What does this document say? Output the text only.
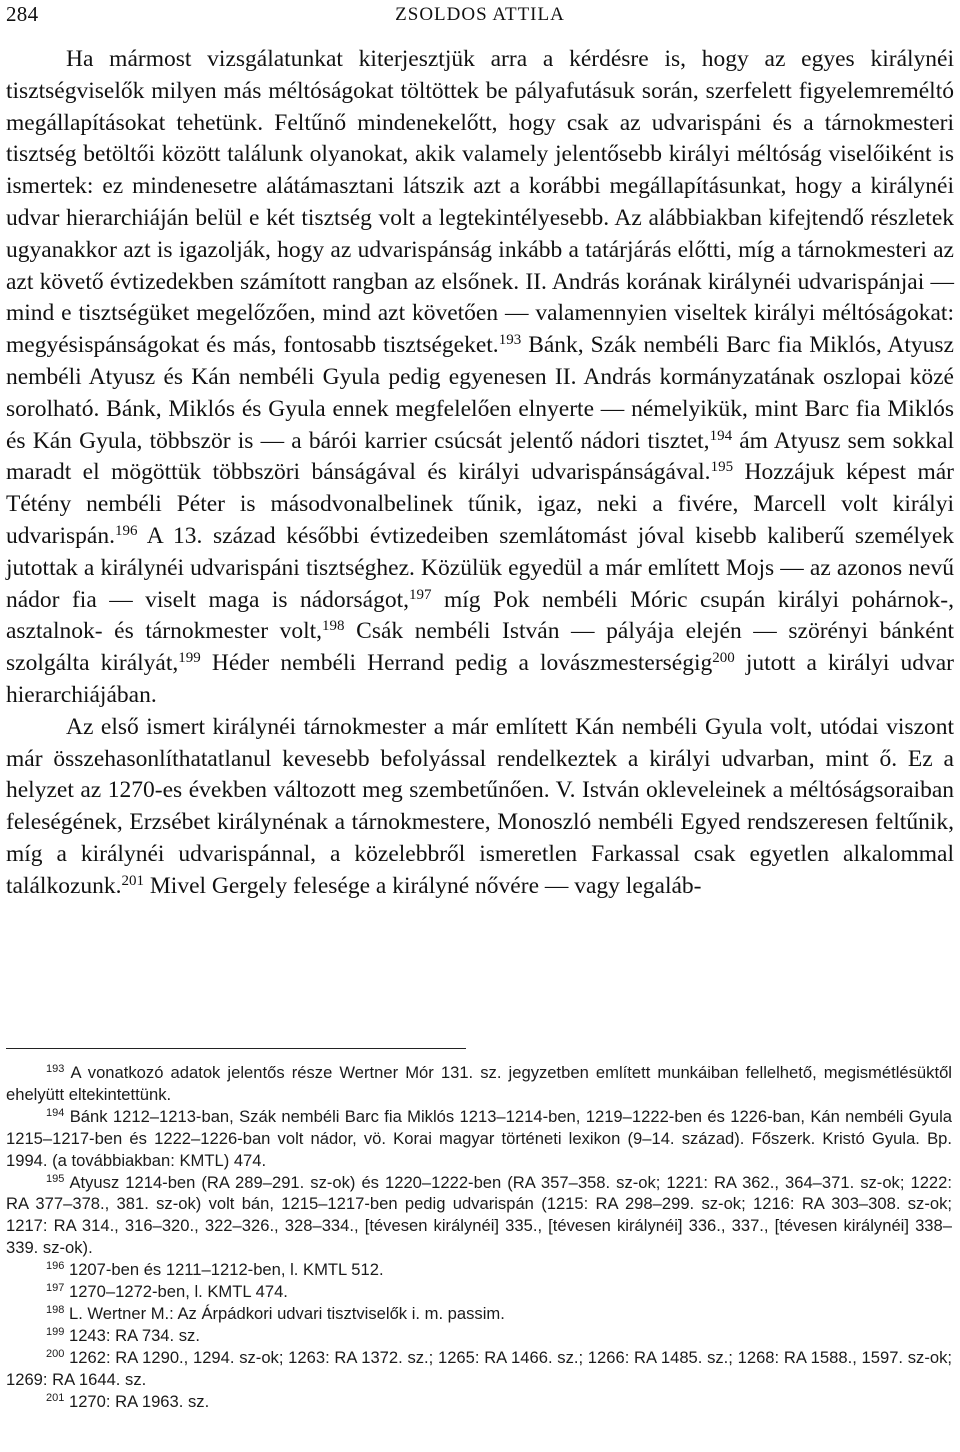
284	ZSOLDOS ATTILA

Ha mármost vizsgálatunkat kiterjesztjük arra a kérdésre is, hogy az egyes királynéi tisztségviselők milyen más méltóságokat töltöttek be pályafutásuk során, szerfelett figyelemreméltó megállapításokat tehetünk. Feltűnő mindenekelőtt, hogy csak az udvarispáni és a tárnokmesteri tisztség betöltői között találunk olyanokat, akik valamely jelentősebb királyi méltóság viselőiként is ismertek: ez mindenesetre alátámasztani látszik azt a korábbi megállapításunkat, hogy a királynéi udvar hierarchiáján belül e két tisztség volt a legtekintélyesebb. Az alábbiakban kifejtendő részletek ugyanakkor azt is igazolják, hogy az udvarispánság inkább a tatárjárás előtti, míg a tárnokmesteri az azt követő évtizedekben számított rangban az elsőnek. II. András korának királynéi udvarispánjai — mind e tisztségüket megelőzően, mind azt követően — valamennyien viseltek királyi méltóságokat: megyésispánságokat és más, fontosabb tisztségeket.$^{193}$ Bánk, Szák nembéli Barc fia Miklós, Atyusz nembéli Atyusz és Kán nembéli Gyula pedig egyenesen II. András kormányzatának oszlopai közé sorolható. Bánk, Miklós és Gyula ennek megfelelően elnyerte — némelyikük, mint Barc fia Miklós és Kán Gyula, többször is — a bárói karrier csúcsát jelentő nádori tisztet,$^{194}$ ám Atyusz sem sokkal maradt el mögöttük többszöri bánságával és királyi udvarispánságával.$^{195}$ Hozzájuk képest már Tétény nembéli Péter is másodvonalbelinek tűnik, igaz, neki a fivére, Marcell volt királyi udvarispán.$^{196}$ A 13. század későbbi évtizedeiben szemlátomást jóval kisebb kaliberű személyek jutottak a királynéi udvarispáni tisztséghez. Közülük egyedül a már említett Mojs — az azonos nevű nádor fia — viselt maga is nádorságot,$^{197}$ míg Pok nembéli Móric csupán királyi pohárnok-, asztalnok- és tárnokmester volt,$^{198}$ Csák nembéli István — pályája elején — szörényi bánként szolgálta királyát,$^{199}$ Héder nembéli Herrand pedig a lovászmesterségig$^{200}$ jutott a királyi udvar hierarchiájában.

Az első ismert királynéi tárnokmester a már említett Kán nembéli Gyula volt, utódai viszont már összehasonlíthatatlanul kevesebb befolyással rendelkeztek a királyi udvarban, mint ő. Ez a helyzet az 1270-es években változott meg szembetűnően. V. István okleveleinek a méltóságsoraiban feleségének, Erzsébet királynénak a tárnokmestere, Monoszló nembéli Egyed rendszeresen feltűnik, míg a királynéi udvarispánnal, a közelebbről ismeretlen Farkassal csak egyetlen alkalommal találkozunk.$^{201}$ Mivel Gergely felesége a királyné nővére — vagy legaláb-

$^{193}$ A vonatkozó adatok jelentős része Wertner Mór 131. sz. jegyzetben említett munkáiban fellelhető, megismétlésüktől ehelyütt eltekintettünk.

$^{194}$ Bánk 1212–1213-ban, Szák nembéli Barc fia Miklós 1213–1214-ben, 1219–1222-ben és 1226-ban, Kán nembéli Gyula 1215–1217-ben és 1222–1226-ban volt nádor, vö. Korai magyar történeti lexikon (9–14. század). Főszerk. Kristó Gyula. Bp. 1994. (a továbbiakban: KMTL) 474.

$^{195}$ Atyusz 1214-ben (RA 289–291. sz-ok) és 1220–1222-ben (RA 357–358. sz-ok; 1221: RA 362., 364–371. sz-ok; 1222: RA 377–378., 381. sz-ok) volt bán, 1215–1217-ben pedig udvarispán (1215: RA 298–299. sz-ok; 1216: RA 303–308. sz-ok; 1217: RA 314., 316–320., 322–326., 328–334., [tévesen királynéi] 335., [tévesen királynéi] 336., 337., [tévesen királynéi] 338–339. sz-ok).

$^{196}$ 1207-ben és 1211–1212-ben, l. KMTL 512.

$^{197}$ 1270–1272-ben, l. KMTL 474.

$^{198}$ L. Wertner M.: Az Árpádkori udvari tisztviselők i. m. passim.

$^{199}$ 1243: RA 734. sz.

$^{200}$ 1262: RA 1290., 1294. sz-ok; 1263: RA 1372. sz.; 1265: RA 1466. sz.; 1266: RA 1485. sz.; 1268: RA 1588., 1597. sz-ok; 1269: RA 1644. sz.

$^{201}$ 1270: RA 1963. sz.
